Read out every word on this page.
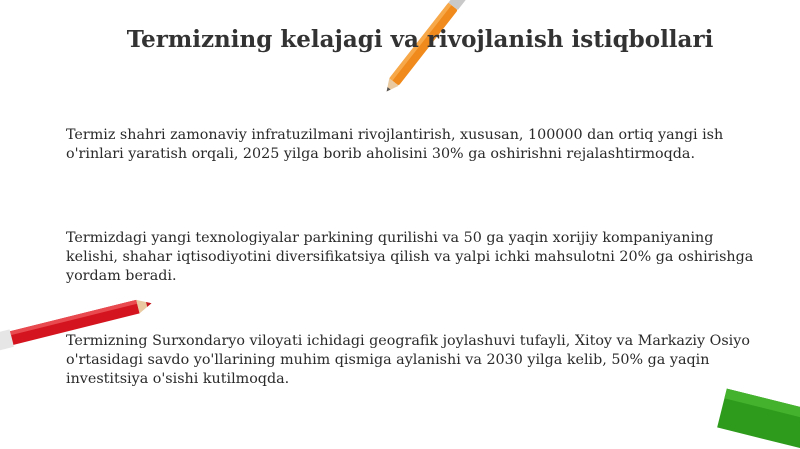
Termizning kelajagi va rivojlanish istiqbollari

Termiz shahri zamonaviy infratuzilmani rivojlantirish, xususan, 100000 dan ortiq yangi ish o'rinlari yaratish orqali, 2025 yilga borib aholisini 30% ga oshirishni rejalashtirmoqda.

Termizdagi yangi texnologiyalar parkining qurilishi va 50 ga yaqin xorijiy kompaniyaning kelishi, shahar iqtisodiyotini diversifikatsiya qilish va yalpi ichki mahsulotni 20% ga oshirishga yordam beradi.

Termizning Surxondaryo viloyati ichidagi geografik joylashuvi tufayli, Xitoy va Markaziy Osiyo o'rtasidagi savdo yo'llarining muhim qismiga aylanishi va 2030 yilga kelib, 50% ga yaqin investitsiya o'sishi kutilmoqda.
